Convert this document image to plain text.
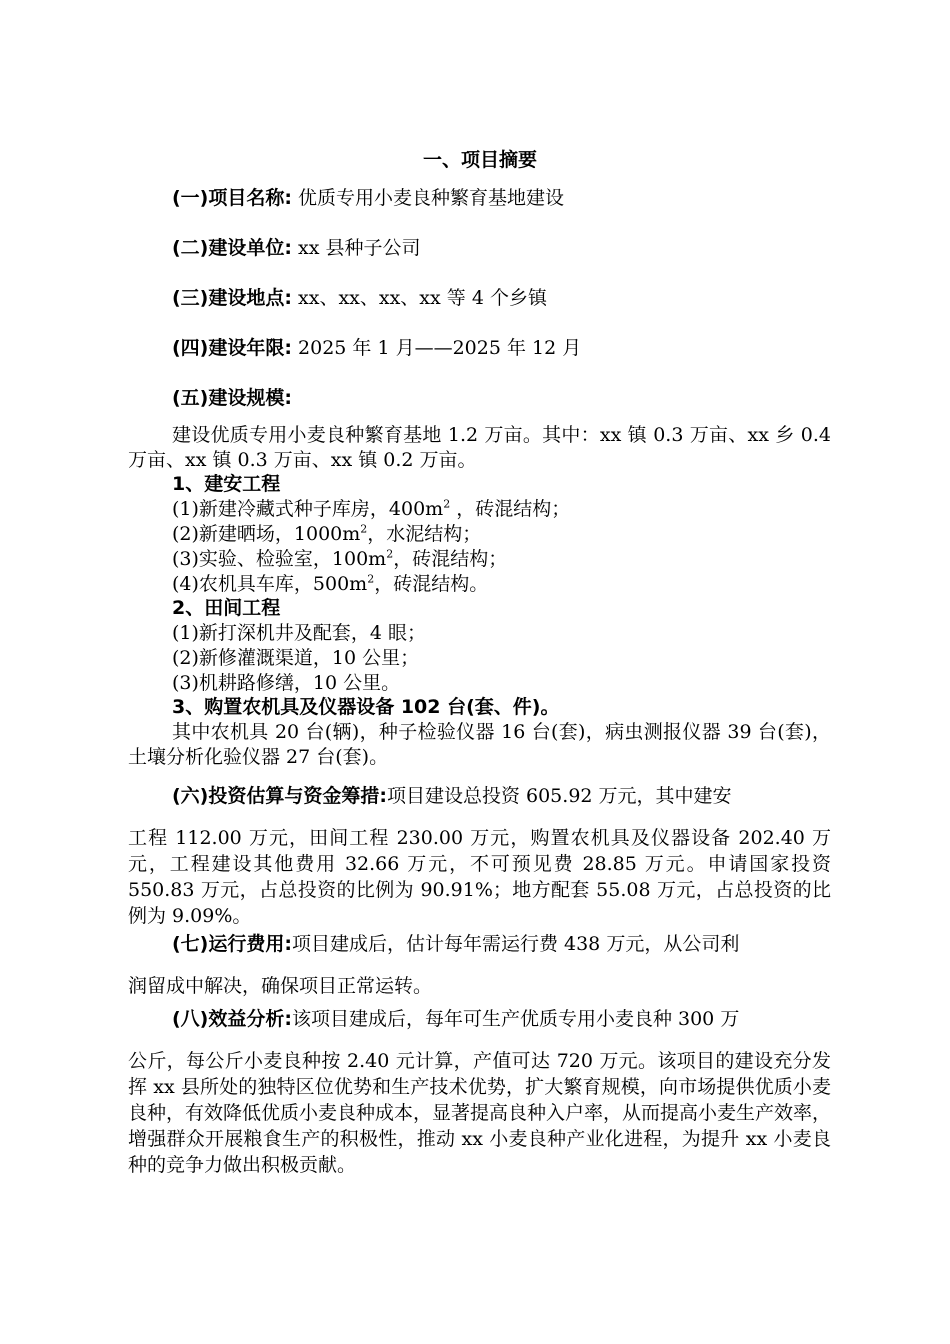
一、项目摘要
(一)项目名称: 优质专用小麦良种繁育基地建设
(二)建设单位: xx 县种子公司
(三)建设地点: xx、xx、xx、xx 等 4 个乡镇
(四)建设年限: 2025 年 1 月——2025 年 12 月
(五)建设规模:
建设优质专用小麦良种繁育基地 1.2 万亩。其中：xx 镇 0.3 万亩、xx 乡 0.4 万亩、xx 镇 0.3 万亩、xx 镇 0.2 万亩。
1、建安工程
(1)新建冷藏式种子库房，$400m^2$ ，砖混结构；
(2)新建晒场，$1000m^2$，水泥结构；
(3)实验、检验室，$100m^2$，砖混结构；
(4)农机具车库，$500m^2$，砖混结构。
2、田间工程
(1)新打深机井及配套，4 眼；
(2)新修灌溉渠道，10 公里；
(3)机耕路修缮，10 公里。
3、购置农机具及仪器设备 102 台(套、件)。
其中农机具 20 台(辆)，种子检验仪器 16 台(套)，病虫测报仪器 39 台(套)，土壤分析化验仪器 27 台(套)。
(六)投资估算与资金筹措:项目建设总投资 605.92 万元，其中建安
工程 112.00 万元，田间工程 230.00 万元，购置农机具及仪器设备 202.40 万元，工程建设其他费用 32.66 万元，不可预见费 28.85 万元。申请国家投资 550.83 万元，占总投资的比例为 90.91%；地方配套 55.08 万元，占总投资的比例为 9.09%。
(七)运行费用:项目建成后，估计每年需运行费 438 万元，从公司利
润留成中解决，确保项目正常运转。
(八)效益分析:该项目建成后，每年可生产优质专用小麦良种 300 万
公斤，每公斤小麦良种按 2.40 元计算，产值可达 720 万元。该项目的建设充分发挥 xx 县所处的独特区位优势和生产技术优势，扩大繁育规模，向市场提供优质小麦良种，有效降低优质小麦良种成本，显著提高良种入户率，从而提高小麦生产效率，增强群众开展粮食生产的积极性，推动 xx 小麦良种产业化进程，为提升 xx 小麦良种的竞争力做出积极贡献。
